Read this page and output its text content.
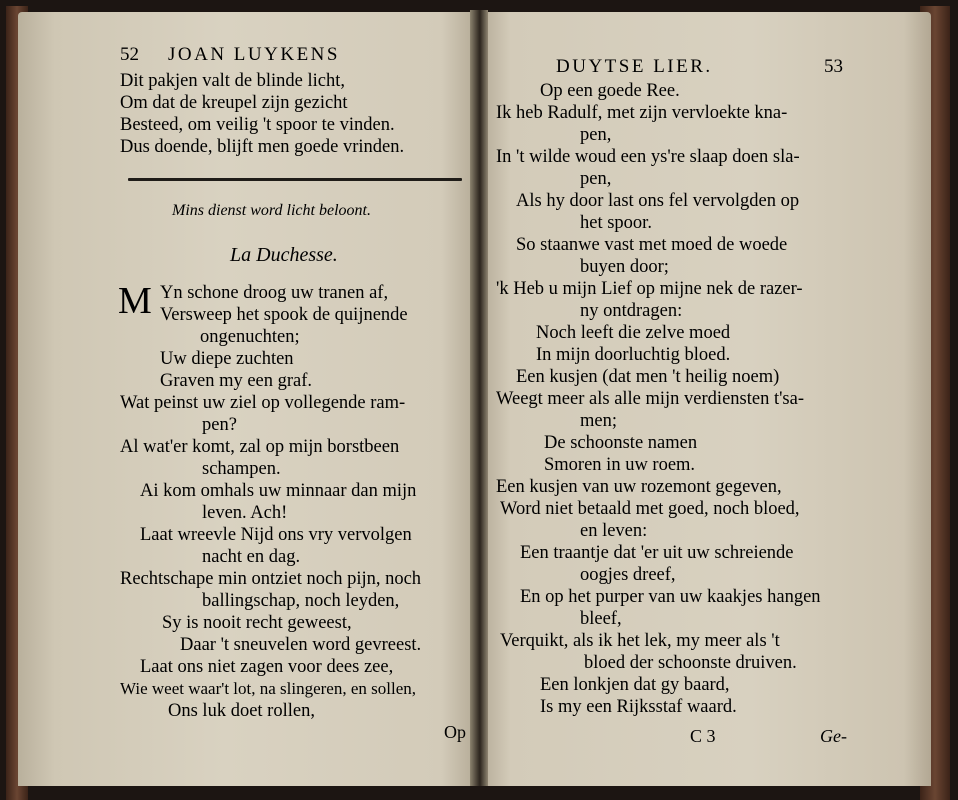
52 JOAN LUYKENS
Dit pakjen valt de blinde licht,
Om dat de kreupel zijn gezicht
Besteed, om veilig 't spoor te vinden.
Dus doende, blijft men goede vrinden.
Mins dienst word licht beloont.
La Duchesse.
M Yn schone droog uw tranen af,
Versweep het spook de quijnende
ongenuchten;
Uw diepe zuchten
Graven my een graf.
Wat peinst uw ziel op vollegende ram-
pen?
Al wat'er komt, zal op mijn borstbeen
schampen.
Ai kom omhals uw minnaar dan mijn
leven. Ach!
Laat wreevle Nijd ons vry vervolgen
nacht en dag.
Rechtschape min ontziet noch pijn, noch
ballingschap, noch leyden,
Sy is nooit recht geweest,
Daar 't sneuvelen word gevreest.
Laat ons niet zagen voor dees zee,
Wie weet waar't lot, na slingeren, en sollen,
Ons luk doet rollen,
Op
DUYTSE LIER.	53
Op een goede Ree.
Ik heb Radulf, met zijn vervloekte kna-
pen,
In 't wilde woud een ys're slaap doen sla-
pen,
Als hy door last ons fel vervolgden op
het spoor.
So staanwe vast met moed de woede
buyen door;
'k Heb u mijn Lief op mijne nek de razer-
ny ontdragen:
Noch leeft die zelve moed
In mijn doorluchtig bloed.
Een kusjen (dat men 't heilig noem)
Weegt meer als alle mijn verdiensten t'sa-
men;
De schoonste namen
Smoren in uw roem.
Een kusjen van uw rozemont gegeven,
Word niet betaald met goed, noch bloed,
en leven:
Een traantje dat 'er uit uw schreiende
oogjes dreef,
En op het purper van uw kaakjes hangen
bleef,
Verquikt, als ik het lek, my meer als 't
bloed der schoonste druiven.
Een lonkjen dat gy baard,
Is my een Rijksstaf waard.
C 3	Ge-
